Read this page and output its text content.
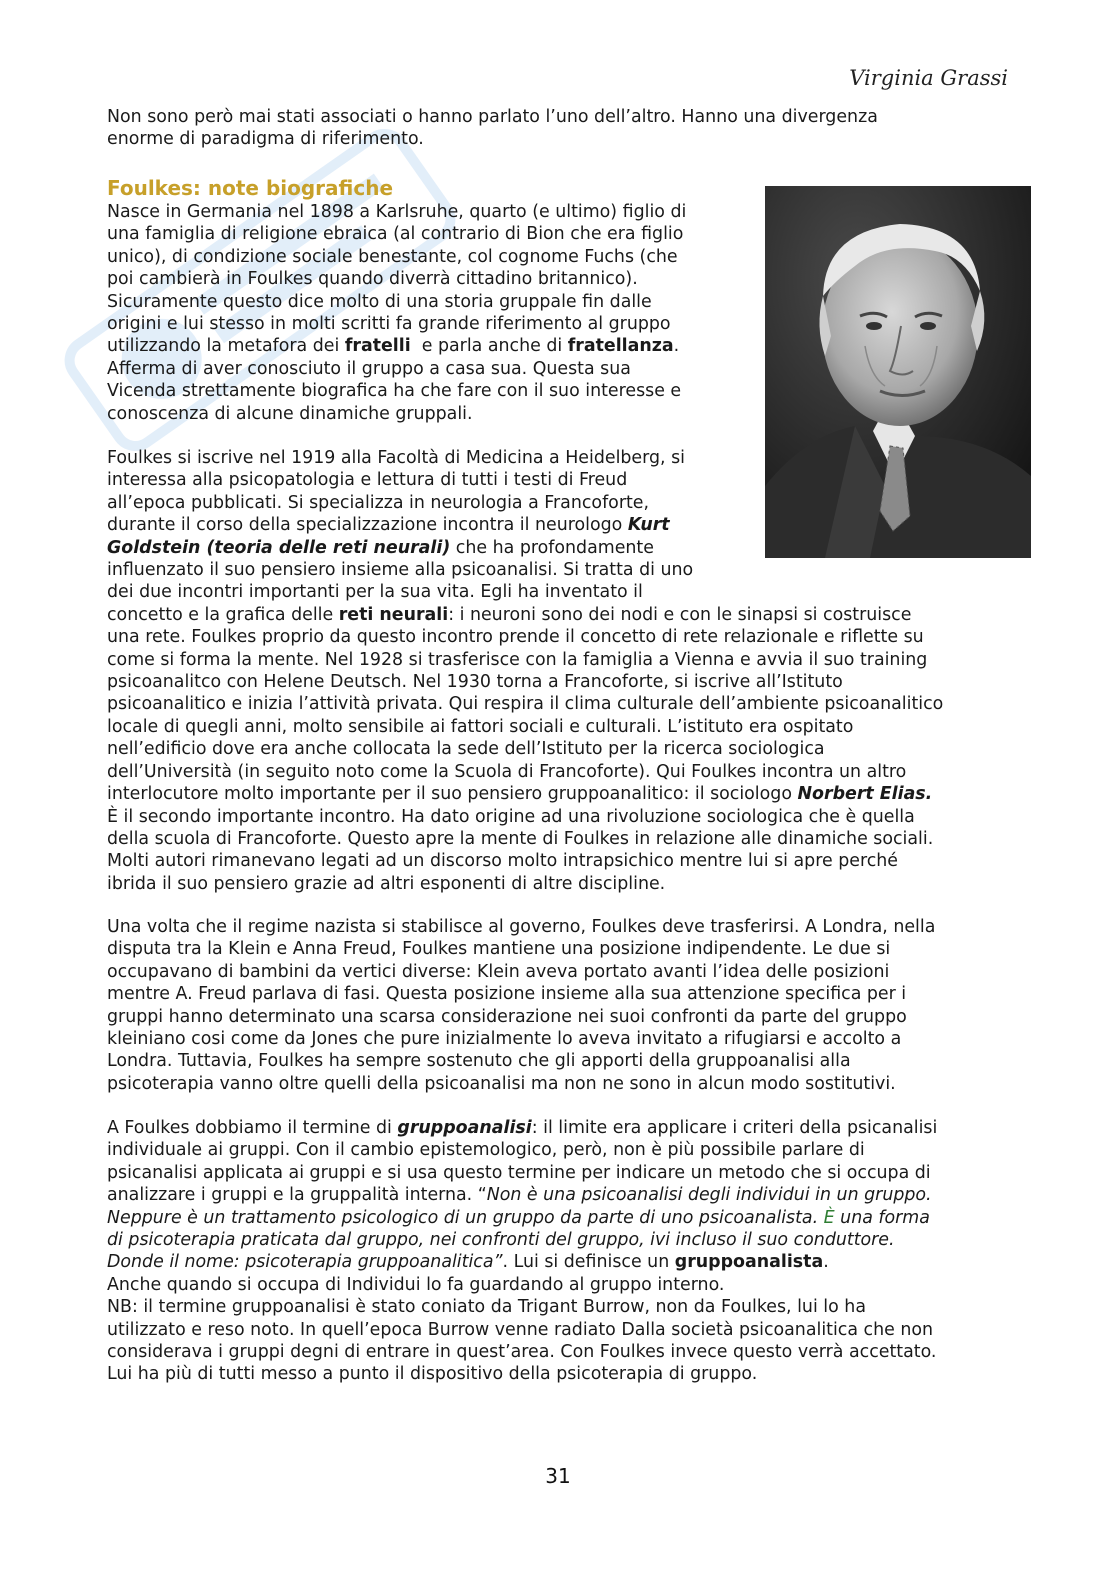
Virginia Grassi

Non sono però mai stati associati o hanno parlato l’uno dell’altro. Hanno una divergenza

enorme di paradigma di riferimento.

Foulkes: note biografiche

Nasce in Germania nel 1898 a Karlsruhe, quarto (e ultimo) figlio di

una famiglia di religione ebraica (al contrario di Bion che era figlio

unico), di condizione sociale benestante, col cognome Fuchs (che

poi cambierà in Foulkes quando diverrà cittadino britannico).

Sicuramente questo dice molto di una storia gruppale fin dalle

origini e lui stesso in molti scritti fa grande riferimento al gruppo

utilizzando la metafora dei fratelli  e parla anche di fratellanza.

Afferma di aver conosciuto il gruppo a casa sua. Questa sua

Vicenda strettamente biografica ha che fare con il suo interesse e

conoscenza di alcune dinamiche gruppali.

Foulkes si iscrive nel 1919 alla Facoltà di Medicina a Heidelberg, si

interessa alla psicopatologia e lettura di tutti i testi di Freud

all’epoca pubblicati. Si specializza in neurologia a Francoforte,

durante il corso della specializzazione incontra il neurologo Kurt

Goldstein (teoria delle reti neurali) che ha profondamente

influenzato il suo pensiero insieme alla psicoanalisi. Si tratta di uno

dei due incontri importanti per la sua vita. Egli ha inventato il

concetto e la grafica delle reti neurali: i neuroni sono dei nodi e con le sinapsi si costruisce

una rete. Foulkes proprio da questo incontro prende il concetto di rete relazionale e riflette su

come si forma la mente. Nel 1928 si trasferisce con la famiglia a Vienna e avvia il suo training

psicoanalitco con Helene Deutsch. Nel 1930 torna a Francoforte, si iscrive all’Istituto

psicoanalitico e inizia l’attività privata. Qui respira il clima culturale dell’ambiente psicoanalitico

locale di quegli anni, molto sensibile ai fattori sociali e culturali. L’istituto era ospitato

nell’edificio dove era anche collocata la sede dell’Istituto per la ricerca sociologica

dell’Università (in seguito noto come la Scuola di Francoforte). Qui Foulkes incontra un altro

interlocutore molto importante per il suo pensiero gruppoanalitico: il sociologo Norbert Elias.

È il secondo importante incontro. Ha dato origine ad una rivoluzione sociologica che è quella

della scuola di Francoforte. Questo apre la mente di Foulkes in relazione alle dinamiche sociali.

Molti autori rimanevano legati ad un discorso molto intrapsichico mentre lui si apre perché

ibrida il suo pensiero grazie ad altri esponenti di altre discipline.

Una volta che il regime nazista si stabilisce al governo, Foulkes deve trasferirsi. A Londra, nella

disputa tra la Klein e Anna Freud, Foulkes mantiene una posizione indipendente. Le due si

occupavano di bambini da vertici diverse: Klein aveva portato avanti l’idea delle posizioni

mentre A. Freud parlava di fasi. Questa posizione insieme alla sua attenzione specifica per i

gruppi hanno determinato una scarsa considerazione nei suoi confronti da parte del gruppo

kleiniano cosi come da Jones che pure inizialmente lo aveva invitato a rifugiarsi e accolto a

Londra. Tuttavia, Foulkes ha sempre sostenuto che gli apporti della gruppoanalisi alla

psicoterapia vanno oltre quelli della psicoanalisi ma non ne sono in alcun modo sostitutivi.

A Foulkes dobbiamo il termine di gruppoanalisi: il limite era applicare i criteri della psicanalisi

individuale ai gruppi. Con il cambio epistemologico, però, non è più possibile parlare di

psicanalisi applicata ai gruppi e si usa questo termine per indicare un metodo che si occupa di

analizzare i gruppi e la gruppalità interna. “Non è una psicoanalisi degli individui in un gruppo.

Neppure è un trattamento psicologico di un gruppo da parte di uno psicoanalista. È una forma

di psicoterapia praticata dal gruppo, nei confronti del gruppo, ivi incluso il suo conduttore.

Donde il nome: psicoterapia gruppoanalitica”. Lui si definisce un gruppoanalista.

Anche quando si occupa di Individui lo fa guardando al gruppo interno.

NB: il termine gruppoanalisi è stato coniato da Trigant Burrow, non da Foulkes, lui lo ha

utilizzato e reso noto. In quell’epoca Burrow venne radiato Dalla società psicoanalitica che non

considerava i gruppi degni di entrare in quest’area. Con Foulkes invece questo verrà accettato.

Lui ha più di tutti messo a punto il dispositivo della psicoterapia di gruppo.

31
